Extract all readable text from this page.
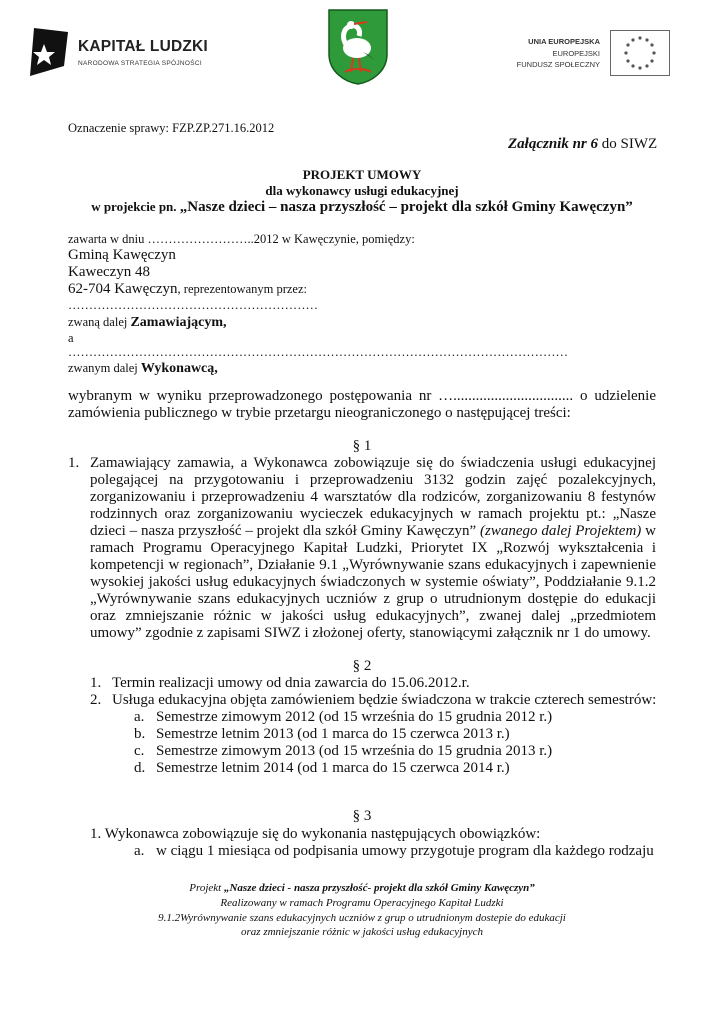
KAPITAŁ LUDZKI
NARODOWA STRATEGIA SPÓJNOŚCI
UNIA EUROPEJSKA
EUROPEJSKI
FUNDUSZ SPOŁECZNY
Oznaczenie sprawy: FZP.ZP.271.16.2012
Załącznik nr 6 do SIWZ
PROJEKT UMOWY
dla wykonawcy usługi edukacyjnej
w projekcie pn. „Nasze dzieci – nasza przyszłość – projekt dla szkół Gminy Kawęczyn”
zawarta w dniu ……………………..2012 w Kawęczynie, pomiędzy:
Gminą Kawęczyn
Kaweczyn 48
62-704 Kawęczyn, reprezentowanym przez:
……………………………………………………
zwaną dalej Zamawiającym,
a
…………………………………………………………………………………………………………
zwanym dalej Wykonawcą,
wybranym w wyniku przeprowadzonego postępowania nr …................................ o udzielenie zamówienia publicznego w trybie przetargu nieograniczonego o następującej treści:
§ 1
1. Zamawiający zamawia, a Wykonawca zobowiązuje się do świadczenia usługi edukacyjnej polegającej na przygotowaniu i przeprowadzeniu 3132 godzin zajęć pozalekcyjnych, zorganizowaniu i przeprowadzeniu 4 warsztatów dla rodziców, zorganizowaniu 8 festynów rodzinnych oraz zorganizowaniu wycieczek edukacyjnych w ramach projektu pt.: „Nasze dzieci – nasza przyszłość – projekt dla szkół Gminy Kawęczyn” (zwanego dalej Projektem) w ramach Programu Operacyjnego Kapitał Ludzki, Priorytet IX „Rozwój wykształcenia i kompetencji w regionach”, Działanie 9.1 „Wyrównywanie szans edukacyjnych i zapewnienie wysokiej jakości usług edukacyjnych świadczonych w systemie oświaty”, Poddziałanie 9.1.2 „Wyrównywanie szans edukacyjnych uczniów z grup o utrudnionym dostępie do edukacji oraz zmniejszanie różnic w jakości usług edukacyjnych”, zwanej dalej „przedmiotem umowy” zgodnie z zapisami SIWZ i złożonej oferty, stanowiącymi załącznik nr 1 do umowy.
§ 2
1. Termin realizacji umowy od dnia zawarcia do 15.06.2012.r.
2. Usługa edukacyjna objęta zamówieniem będzie świadczona w trakcie czterech semestrów:
a. Semestrze zimowym 2012 (od 15 września do 15 grudnia 2012 r.)
b. Semestrze letnim 2013 (od 1 marca do 15 czerwca 2013 r.)
c. Semestrze zimowym 2013 (od 15 września do 15 grudnia 2013 r.)
d. Semestrze letnim 2014 (od 1 marca do 15 czerwca 2014 r.)
§ 3
1. Wykonawca zobowiązuje się do wykonania następujących obowiązków:
a. w ciągu 1 miesiąca od podpisania umowy przygotuje program dla każdego rodzaju
Projekt „Nasze dzieci - nasza przyszłość- projekt dla szkół Gminy Kawęczyn”
Realizowany w ramach Programu Operacyjnego Kapitał Ludzki
9.1.2Wyrównywanie szans edukacyjnych uczniów z grup o utrudnionym dostepie do edukacji
oraz zmniejszanie różnic w jakości usług edukacyjnych
